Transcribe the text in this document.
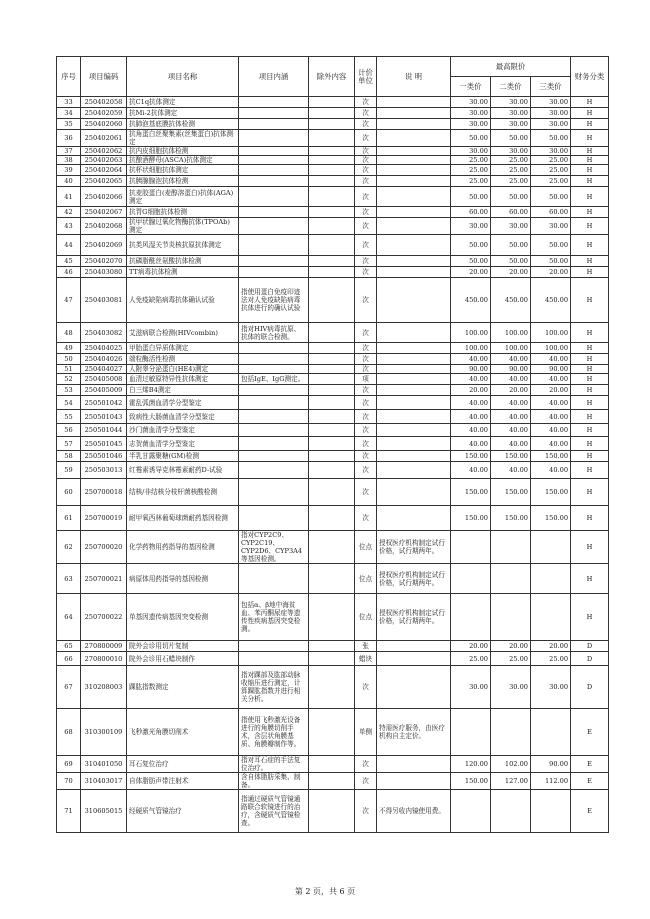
序号	项目编码	项目名称	项目内涵	除外内容	计价单位	说 明	最高限价			财务分类
							一类价	二类价	三类价	
33	250402058	抗C1q抗体测定			次		30.00	30.00	30.00	H
34	250402059	抗Mi-2抗体测定			次		30.00	30.00	30.00	H
35	250402060	抗肺泡基底膜抗体检测			次		30.00	30.00	30.00	H
36	250402061	抗角蛋白丝聚集素(丝集蛋白)抗体测定			次		50.00	50.00	50.00	H
37	250402062	抗内皮细胞抗体检测			次		30.00	30.00	30.00	H
38	250402063	抗酿酒酵母(ASCA)抗体测定			次		25.00	25.00	25.00	H
39	250402064	抗杯状细胞抗体测定			次		25.00	25.00	25.00	H
40	250402065	抗胰腺腺泡抗体检测			次		25.00	25.00	25.00	H
41	250402066	抗麦胶蛋白(麦醇溶蛋白)抗体(AGA)测定			次		50.00	50.00	50.00	H
42	250402067	抗胃G细胞抗体检测			次		60.00	60.00	60.00	H
43	250402068	抗甲状腺过氧化物酶抗体(TPOAb)测定			次		30.00	30.00	30.00	H
44	250402069	抗类风湿关节炎核抗原抗体测定			次		50.00	50.00	50.00	H
45	250402070	抗磷脂酰丝氨酸抗体检测			次		50.00	50.00	50.00	H
46	250403080	TT病毒抗体检测			次		20.00	20.00	20.00	H
47	250403081	人免疫缺陷病毒抗体确认试验	指使用蛋白免疫印迹法对人免疫缺陷病毒抗体进行的确认试验		次		450.00	450.00	450.00	H
48	250403082	艾滋病联合检测(HIVcombin)	指对HIV病毒抗原、抗体的联合检测。		次		100.00	100.00	100.00	H
49	250404025	甲胎蛋白异质体测定			次		100.00	100.00	100.00	H
50	250404026	端粒酶活性检测			次		40.00	40.00	40.00	H
51	250404027	人附睾分泌蛋白(HE4)测定			次		90.00	90.00	90.00	H
52	250405008	血清过敏原特异性抗体测定	包括IgE、IgG测定。		项		40.00	40.00	40.00	H
53	250405009	白三烯B4测定			次		20.00	20.00	20.00	H
54	250501042	霍乱弧菌血清学分型鉴定			次		40.00	40.00	40.00	H
55	250501043	致病性大肠菌血清学分型鉴定			次		40.00	40.00	40.00	H
56	250501044	沙门菌血清学分型鉴定			次		40.00	40.00	40.00	H
57	250501045	志贺菌血清学分型鉴定			次		40.00	40.00	40.00	H
58	250501046	半乳甘露聚糖(GM)检测			次		150.00	150.00	150.00	H
59	250503013	红霉素诱导克林霉素耐药D-试验			次		40.00	40.00	40.00	H
60	250700018	结核/非结核分枝杆菌核酸检测			次		150.00	150.00	150.00	H
61	250700019	耐甲氧西林葡萄球菌耐药基因检测			次		150.00	150.00	150.00	H
62	250700020	化学药物用药指导的基因检测	指对CYP2C9、CYP2C19、CYP2D6、CYP3A4等基因检测。		位点	授权医疗机构制定试行价格，试行期两年。				H
63	250700021	病原体用药指导的基因检测			位点	授权医疗机构制定试行价格，试行期两年。				H
64	250700022	单基因遗传病基因突变检测	包括α、β地中海贫血、苯丙酮尿症等遗传性疾病基因突变检测。		位点	授权医疗机构制定试行价格，试行期两年。				H
65	270800009	院外会诊用切片复制			张		20.00	20.00	20.00	D
66	270800010	院外会诊用石蜡块制作			蜡块		25.00	25.00	25.00	D
67	310208003	踝肱指数测定	指对踝部及肱部动脉收缩压进行测定，计算踝肱指数并进行相关分析。		次		30.00	30.00	30.00	D
68	310300109	飞秒激光角膜切削术	指使用飞秒激光设备进行的角膜切削手术，含层状角膜基质、角膜瓣制作等。		单侧	特需医疗服务，由医疗机构自主定价。				E
69	310401050	耳石复位治疗	指对耳石症的手法复位治疗。		次		120.00	102.00	90.00	E
70	310403017	自体脂肪声带注射术	含自体脂肪采集、制备。		次		150.00	127.00	112.00	E
71	310605015	经硬质气管镜治疗	指通过硬质气管镜通路联合软镜进行的治疗，含硬质气管镜检查。		次	不得另收内镜使用费。				E
第 2 页，共 6 页
